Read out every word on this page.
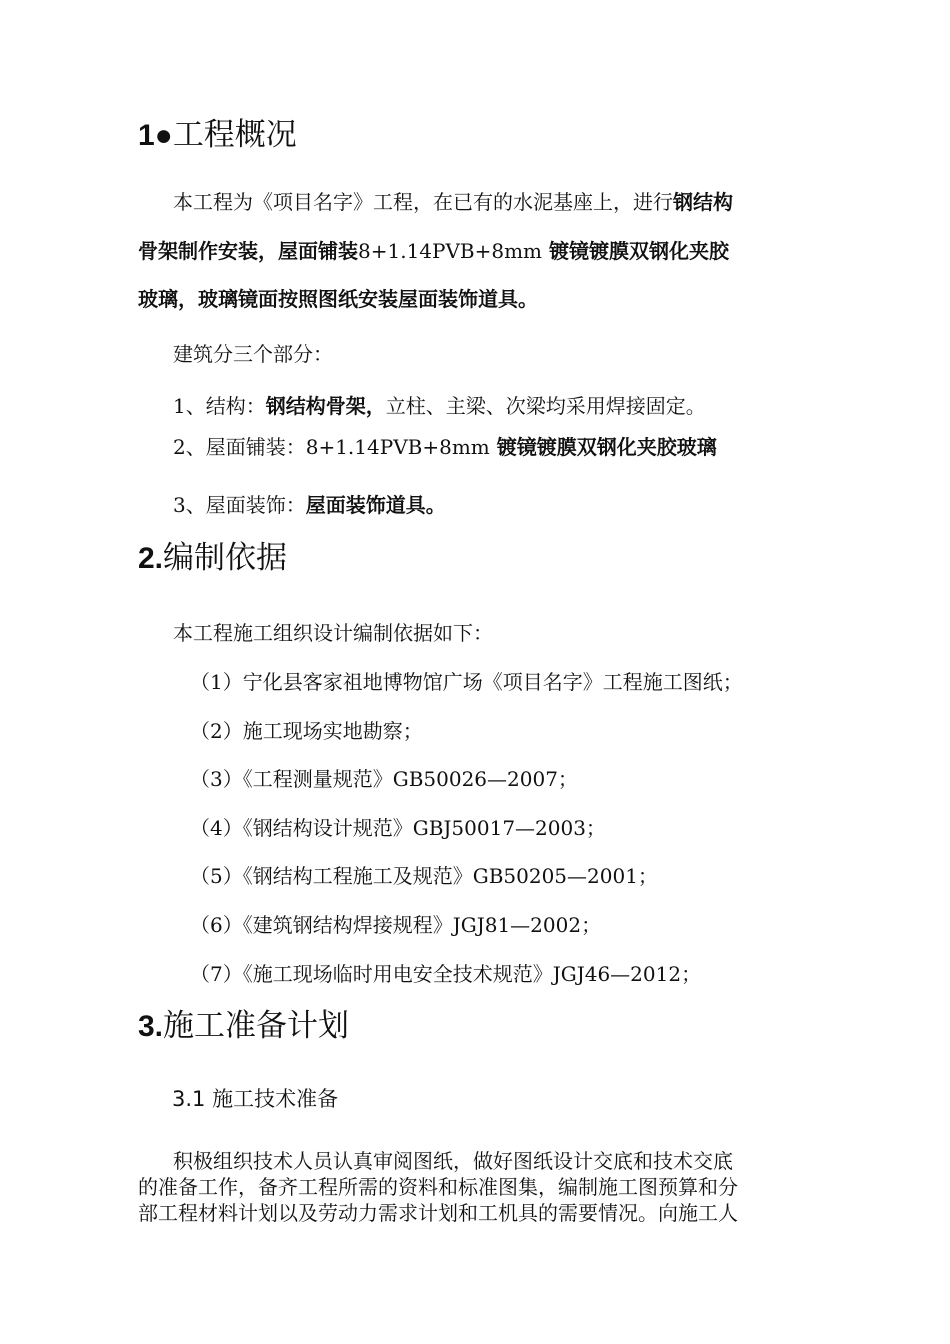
1●工程概况
本工程为《项目名字》工程，在已有的水泥基座上，进行钢结构
骨架制作安装，屋面铺装8+1.14PVB+8mm 镀镜镀膜双钢化夹胶
玻璃，玻璃镜面按照图纸安装屋面装饰道具。
建筑分三个部分：
1、结构：钢结构骨架，立柱、主梁、次梁均采用焊接固定。
2、屋面铺装：8+1.14PVB+8mm 镀镜镀膜双钢化夹胶玻璃
3、屋面装饰：屋面装饰道具。
2.编制依据
本工程施工组织设计编制依据如下：
（1）宁化县客家祖地博物馆广场《项目名字》工程施工图纸；
（2）施工现场实地勘察；
（3）《工程测量规范》GB50026—2007；
（4）《钢结构设计规范》GBJ50017—2003；
（5）《钢结构工程施工及规范》GB50205—2001；
（6）《建筑钢结构焊接规程》JGJ81—2002；
（7）《施工现场临时用电安全技术规范》JGJ46—2012；
3.施工准备计划
3.1 施工技术准备
积极组织技术人员认真审阅图纸，做好图纸设计交底和技术交底
的准备工作，备齐工程所需的资料和标准图集，编制施工图预算和分
部工程材料计划以及劳动力需求计划和工机具的需要情况。向施工人
